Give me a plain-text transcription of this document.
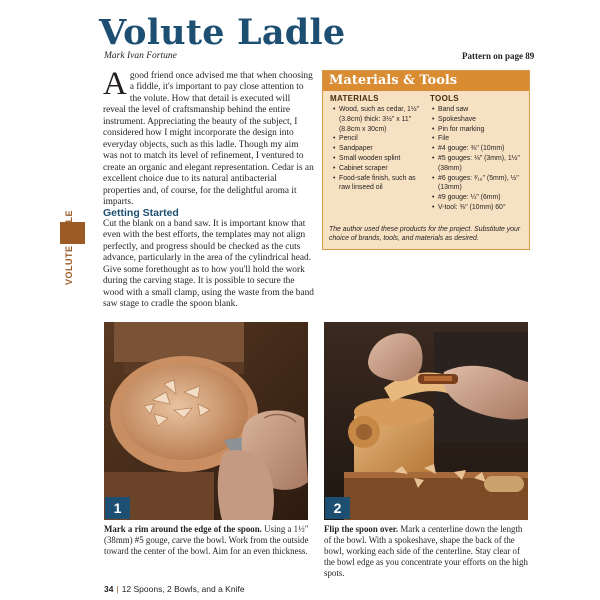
Volute Ladle
Mark Ivan Fortune	Pattern on page 89
VOLUTE LADLE
Agood friend once advised me that when choosing a fiddle, it's important to pay close attention to the volute. How that detail is executed will reveal the level of craftsmanship behind the entire instrument. Appreciating the beauty of the subject, I considered how I might incorporate the design into everyday objects, such as this ladle. Though my aim was not to match its level of refinement, I ventured to create an organic and elegant representation. Cedar is an excellent choice due to its natural antibacterial properties and, of course, for the delightful aroma it imparts.
Getting Started
Cut the blank on a band saw. It is important know that even with the best efforts, the templates may not align perfectly, and progress should be checked as the cuts advance, particularly in the area of the cylindrical head. Give some forethought as to how you'll hold the work during the carving stage. It is possible to secure the wood with a small clamp, using the waste from the band saw stage to cradle the spoon blank.
Materials & Tools
MATERIALS	TOOLS
• Wood, such as cedar, 1½" (3.8cm) thick: 3½" x 11" (8.8cm x 30cm)
• Pencil
• Sandpaper
• Small wooden splint
• Cabinet scraper
• Food-safe finish, such as raw linseed oil
• Band saw
• Spokeshave
• Pin for marking
• File
• #4 gouge: ⅜" (10mm)
• #5 gouges: ⅛" (3mm), 1½" (38mm)
• #6 gouges: ³⁄₁₆" (5mm), ½" (13mm)
• #9 gouge: ¼" (6mm)
• V-tool: ⅜" (10mm) 60°
The author used these products for the project. Substitute your choice of brands, tools, and materials as desired.
1	2
Mark a rim around the edge of the spoon. Using a 1½" (38mm) #5 gouge, carve the bowl. Work from the outside toward the center of the bowl. Aim for an even thickness.
Flip the spoon over. Mark a centerline down the length of the bowl. With a spokeshave, shape the back of the bowl, working each side of the centerline. Stay clear of the bowl edge as you concentrate your efforts on the high spots.
34 | 12 Spoons, 2 Bowls, and a Knife
